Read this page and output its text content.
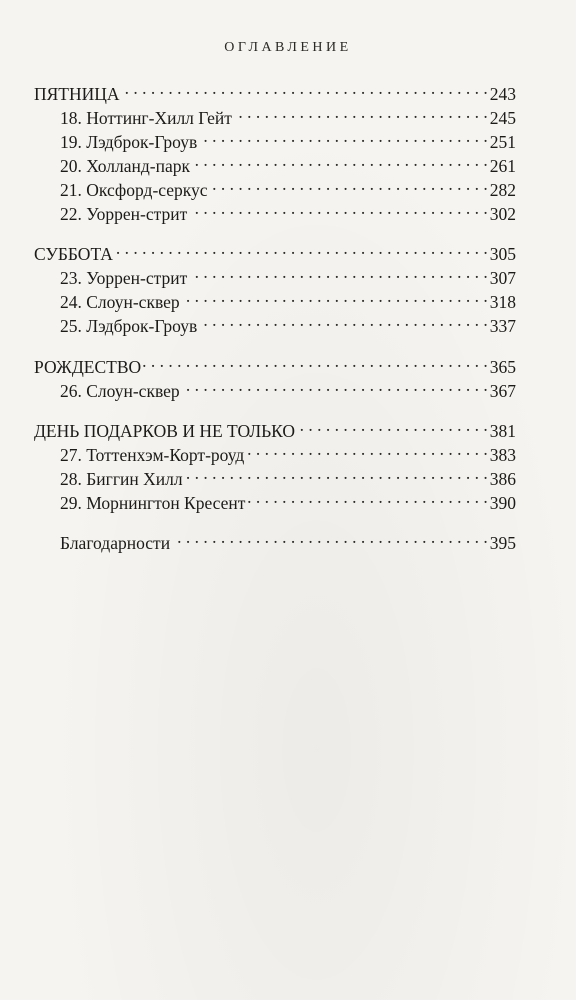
ОГЛАВЛЕНИЕ
ПЯТНИЦА . . .	243
18. Ноттинг-Хилл Гейт . . .	245
19. Лэдброк-Гроув . . .	251
20. Холланд-парк . . .	261
21. Оксфорд-серкус . . .	282
22. Уоррен-стрит . . .	302
СУББОТА . . .	305
23. Уоррен-стрит . . .	307
24. Слоун-сквер . . .	318
25. Лэдброк-Гроув . . .	337
РОЖДЕСТВО . . .	365
26. Слоун-сквер . . .	367
ДЕНЬ ПОДАРКОВ И НЕ ТОЛЬКО . . .	381
27. Тоттенхэм-Корт-роуд . . .	383
28. Биггин Хилл . . .	386
29. Морнингтон Кресент . . .	390
Благодарности . . .	395
